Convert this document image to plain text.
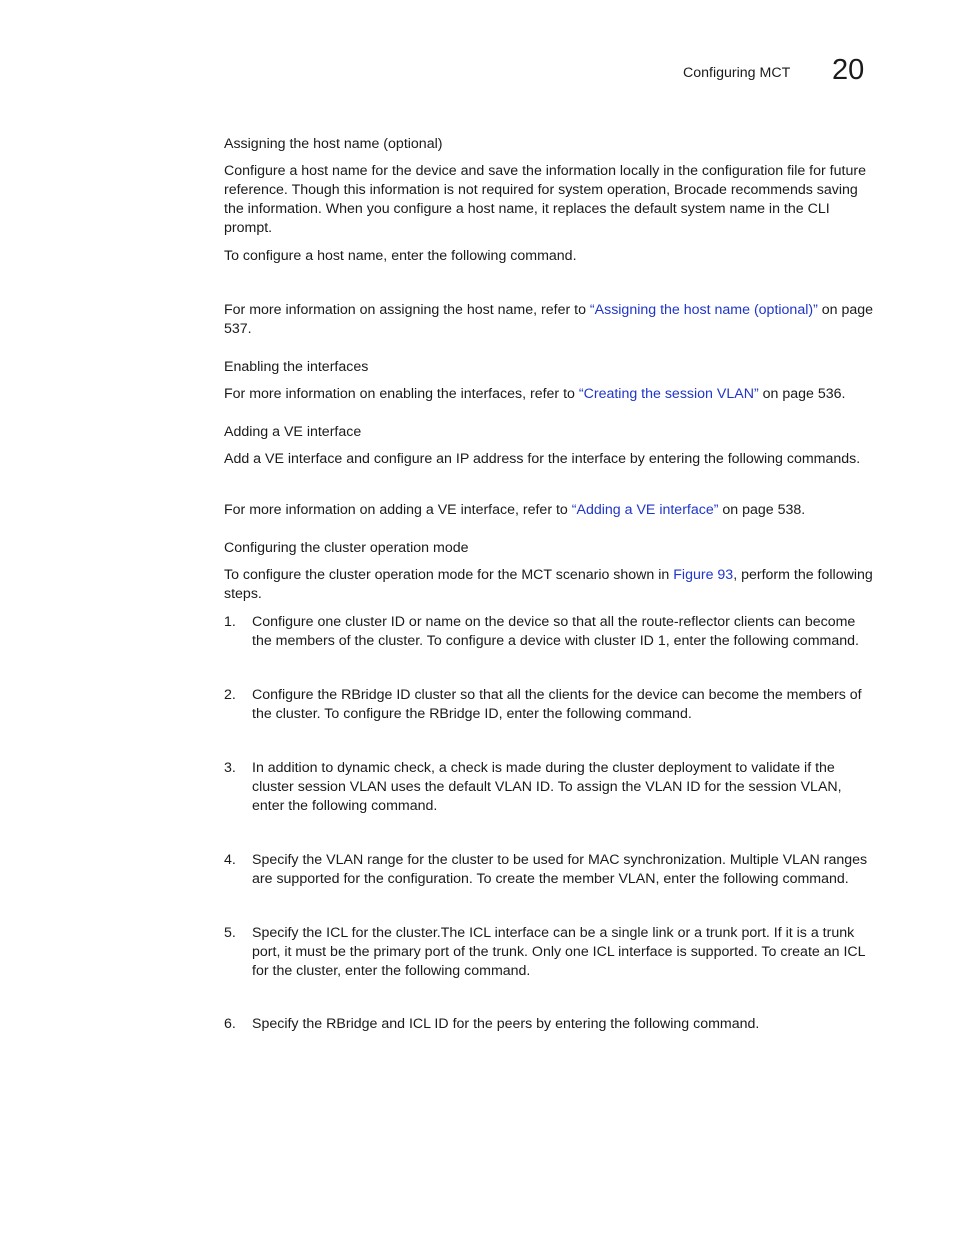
Configuring MCT 20
Assigning the host name (optional)

Configure a host name for the device and save the information locally in the configuration file for future reference. Though this information is not required for system operation, Brocade recommends saving the information. When you configure a host name, it replaces the default system name in the CLI prompt.

To configure a host name, enter the following command.

For more information on assigning the host name, refer to “Assigning the host name (optional)” on page 537.

Enabling the interfaces

For more information on enabling the interfaces, refer to “Creating the session VLAN” on page 536.

Adding a VE interface

Add a VE interface and configure an IP address for the interface by entering the following commands.

For more information on adding a VE interface, refer to “Adding a VE interface” on page 538.

Configuring the cluster operation mode

To configure the cluster operation mode for the MCT scenario shown in Figure 93, perform the following steps.

1. Configure one cluster ID or name on the device so that all the route-reflector clients can become the members of the cluster. To configure a device with cluster ID 1, enter the following command.

2. Configure the RBridge ID cluster so that all the clients for the device can become the members of the cluster. To configure the RBridge ID, enter the following command.

3. In addition to dynamic check, a check is made during the cluster deployment to validate if the cluster session VLAN uses the default VLAN ID. To assign the VLAN ID for the session VLAN, enter the following command.

4. Specify the VLAN range for the cluster to be used for MAC synchronization. Multiple VLAN ranges are supported for the configuration. To create the member VLAN, enter the following command.

5. Specify the ICL for the cluster.The ICL interface can be a single link or a trunk port. If it is a trunk port, it must be the primary port of the trunk. Only one ICL interface is supported. To create an ICL for the cluster, enter the following command.

6. Specify the RBridge and ICL ID for the peers by entering the following command.
